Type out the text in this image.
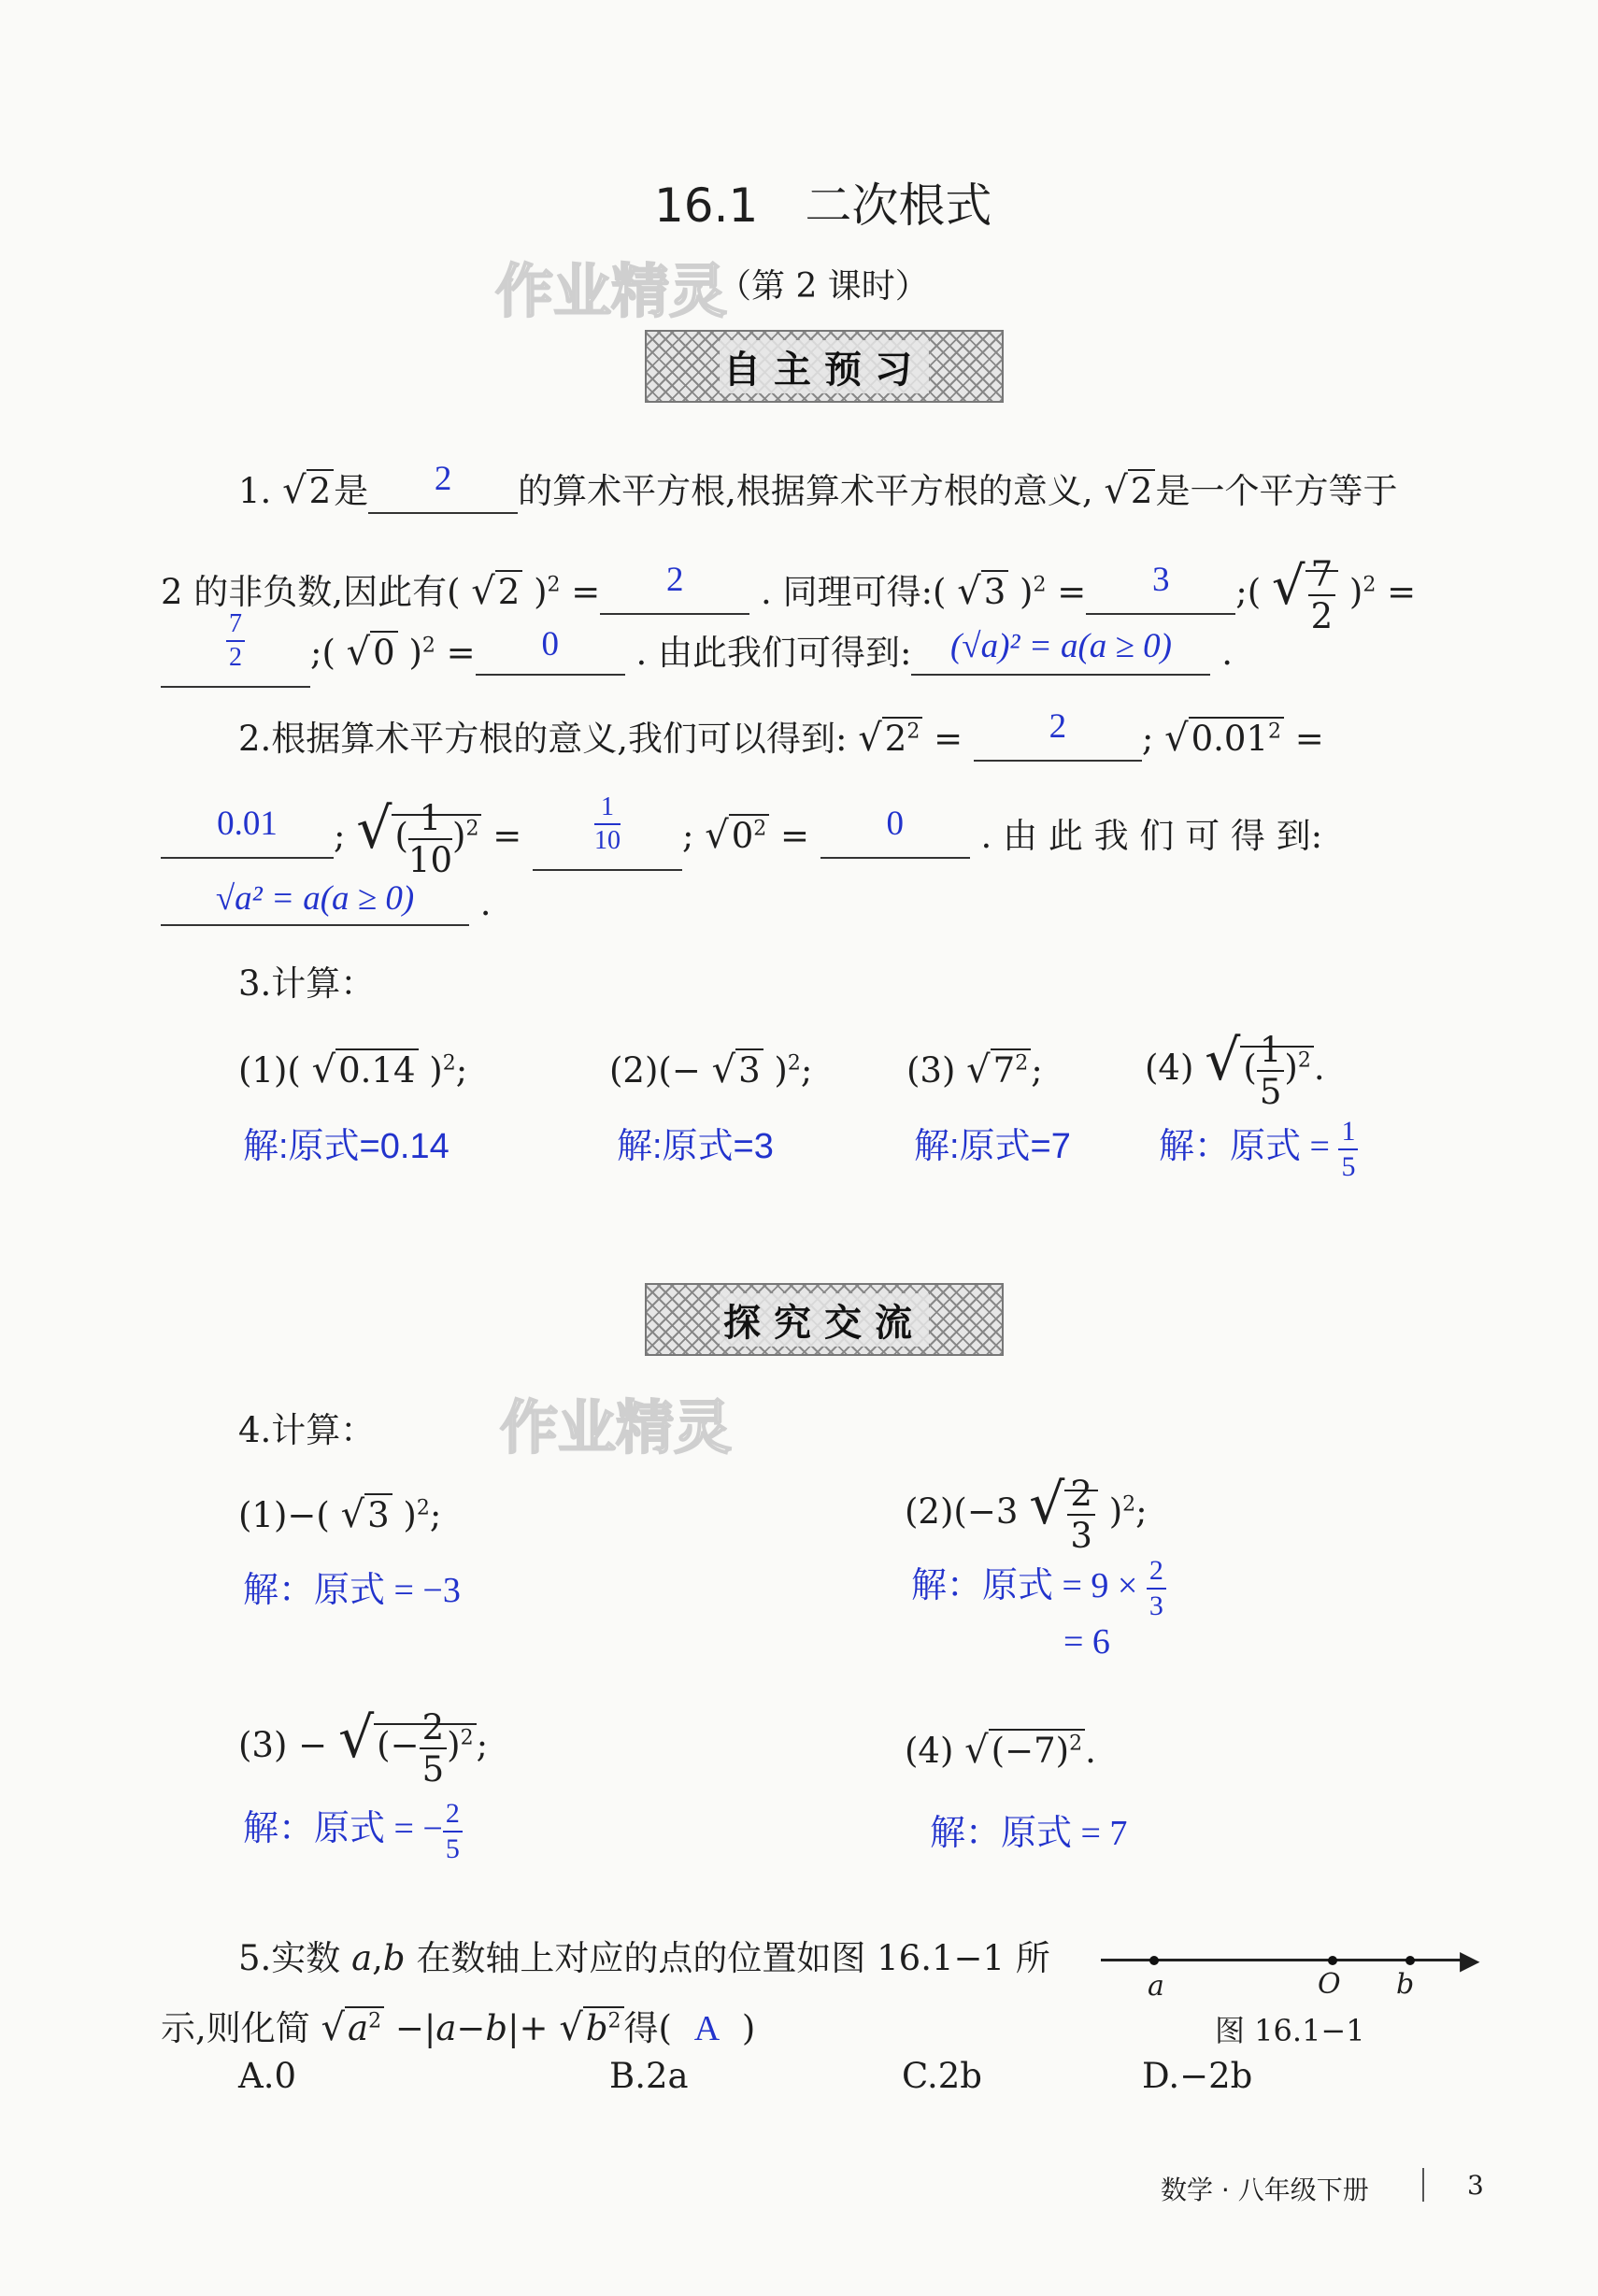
16.1　二次根式
作业精灵
（第 2 课时）
自主预习
1. √2是 2 的算术平方根,根据算术平方根的意义, √2是一个平方等于
2 的非负数,因此有( √2 )$^2$ = 2 . 同理可得:( √3 )$^2$ = 3 ;( √ $\frac{7}{2} )^2$ =
$\frac{7}{2}$ ;( √0 )$^2$ = 0 . 由此我们可得到: (√a)² = a(a ≥ 0) .
2.根据算术平方根的意义,我们可以得到: $√2^2 = 2$ ; $√0.01^2$ =
0.01 ; √( $\frac{1}{10} )^2 = \frac{1}{10}$ ; $√0^2 = 0$ . 由 此 我 们 可 得 到:
√a² = a(a ≥ 0) .
3.计算：
(1)( √0.14 )$^2$;	(2)(− √3 )$^2$;	(3) $√7^2$;	(4) √( $\frac{1}{5} )^2$.
解:原式=0.14	解:原式=3	解:原式=7 解：原式 = $\frac{1}{5}$
探究交流
4.计算： 作业精灵
(1)−( √3 )$^2$;	(2)(−3 √ $\frac{2}{3} )^2$;
解：原式 = −3	解：原式 = $9 \times \frac{2}{3}$
= 6
(3) − √(− $\frac{2}{5} )^2$;	(4) $√(-7)^2$.
解：原式 = − $\frac{2}{5}$	解：原式 = 7
5.实数 a,b 在数轴上对应的点的位置如图 16.1−1 所
示,则化简 $√a^2 -|a-b|+ √b^2$得( A )
A.0	B.2a	C.2b	D.−2b
▶
a	O b
图 16.1−1
数学 · 八年级下册	3
